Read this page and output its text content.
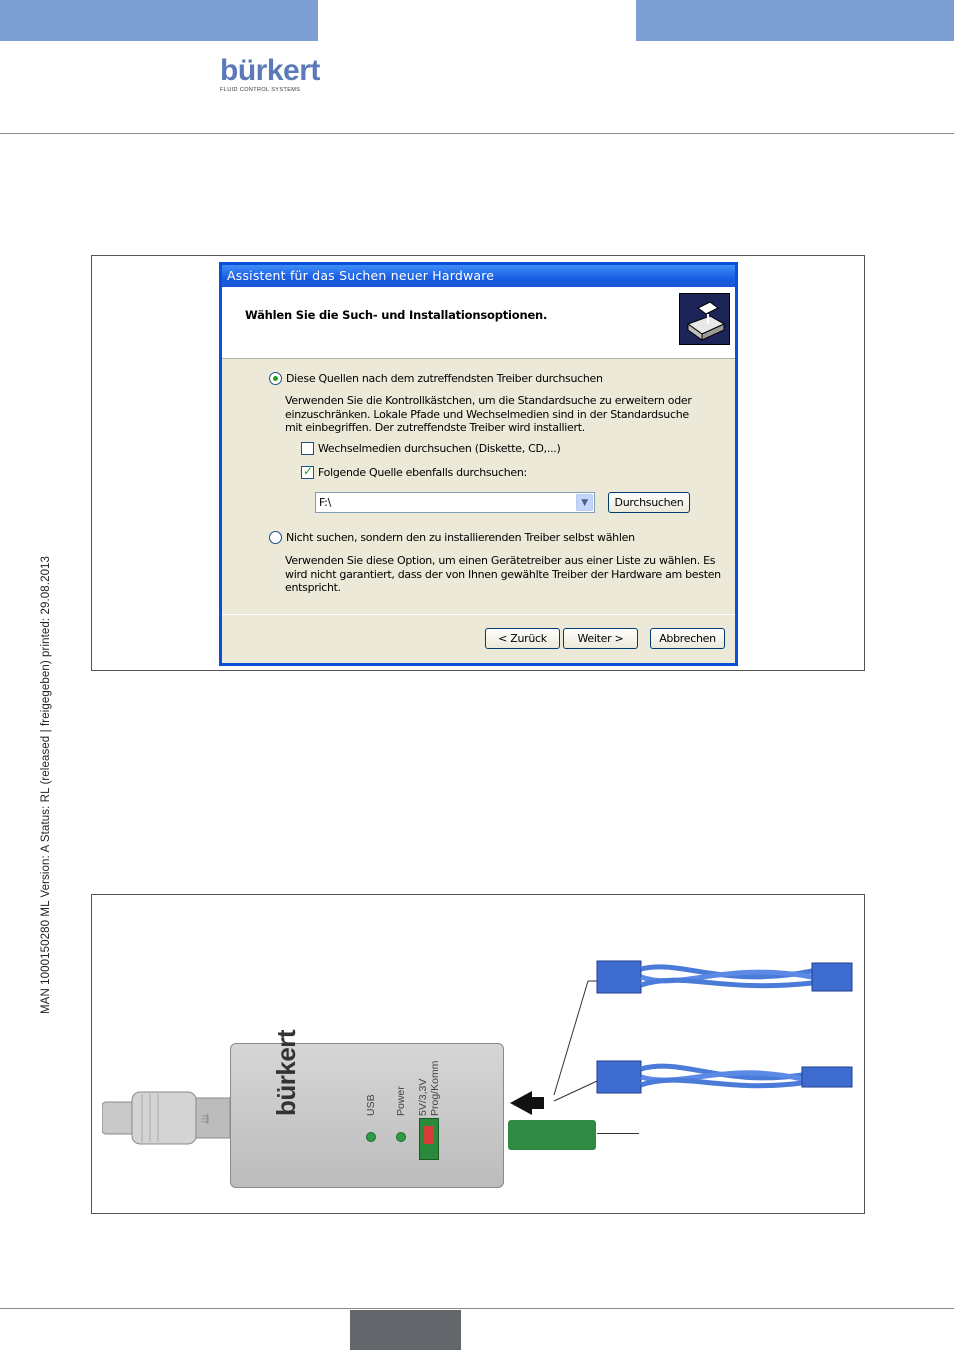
bürkert
FLUID CONTROL SYSTEMS
MAN 1000150280 ML Version: A Status: RL (released | freigegeben) printed: 29.08.2013
Assistent für das Suchen neuer Hardware
Wählen Sie die Such- und Installationsoptionen.
Diese Quellen nach dem zutreffendsten Treiber durchsuchen
Verwenden Sie die Kontrollkästchen, um die Standardsuche zu erweitern oder einzuschränken. Lokale Pfade und Wechselmedien sind in der Standardsuche mit einbegriffen. Der zutreffendste Treiber wird installiert.
Wechselmedien durchsuchen (Diskette, CD,...)
✓
Folgende Quelle ebenfalls durchsuchen:
F:\	▼	Durchsuchen
Nicht suchen, sondern den zu installierenden Treiber selbst wählen
Verwenden Sie diese Option, um einen Gerätetreiber aus einer Liste zu wählen. Es wird nicht garantiert, dass der von Ihnen gewählte Treiber der Hardware am besten entspricht.
< Zurück	Weiter >	Abbrechen
⇶
bürkert	USB Power 5V/3,3V Prog/Komm
